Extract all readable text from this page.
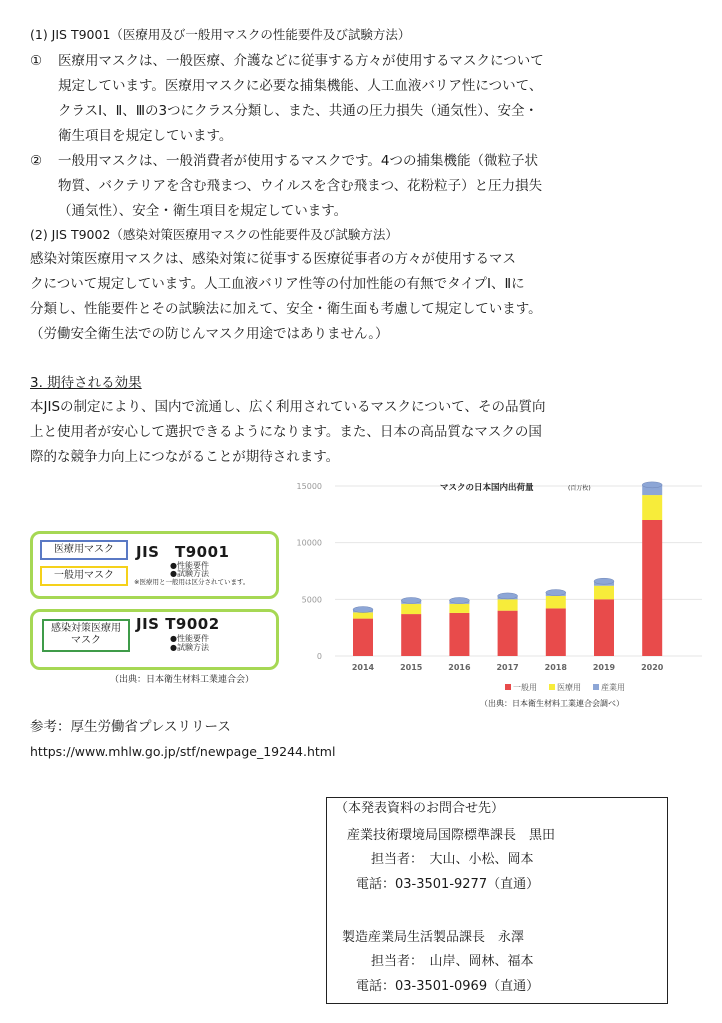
(1) JIS T9001（医療用及び一般用マスクの性能要件及び試験方法）
① 医療用マスクは、一般医療、介護などに従事する方々が使用するマスクについて
規定しています。医療用マスクに必要な捕集機能、人工血液バリア性について、
クラスⅠ、Ⅱ、Ⅲの3つにクラス分類し、また、共通の圧力損失（通気性）、安全・
衛生項目を規定しています。
② 一般用マスクは、一般消費者が使用するマスクです。4つの捕集機能（微粒子状
物質、バクテリアを含む飛まつ、ウイルスを含む飛まつ、花粉粒子）と圧力損失
（通気性）、安全・衛生項目を規定しています。
(2) JIS T9002（感染対策医療用マスクの性能要件及び試験方法）
感染対策医療用マスクは、感染対策に従事する医療従事者の方々が使用するマス
クについて規定しています。人工血液バリア性等の付加性能の有無でタイプⅠ、Ⅱに
分類し、性能要件とその試験法に加えて、安全・衛生面も考慮して規定しています。
（労働安全衛生法での防じんマスク用途ではありません。）
3. 期待される効果
本JISの制定により、国内で流通し、広く利用されているマスクについて、その品質向
上と使用者が安心して選択できるようになります。また、日本の高品質なマスクの国
際的な競争力向上につながることが期待されます。
医療用マスク
一般用マスク
JIS　T9001
●性能要件
●試験方法
※医療用と一般用は区分されています。
感染対策医療用マスク
JIS T9002
●性能要件
●試験方法
（出典：日本衛生材料工業連合会）
0
5000
10000
15000
2014	2015	2016	2017	2018	2019	2020
マスクの日本国内出荷量	(百万枚)
一般用	医療用	産業用
（出典：日本衛生材料工業連合会調べ）
参考：厚生労働省プレスリリース
https://www.mhlw.go.jp/stf/newpage_19244.html
（本発表資料のお問合せ先）
産業技術環境局国際標準課長　黒田
担当者：　大山、小松、岡本
電話：03-3501-9277（直通）
製造産業局生活製品課長　永澤
担当者：　山岸、岡林、福本
電話：03-3501-0969（直通）
